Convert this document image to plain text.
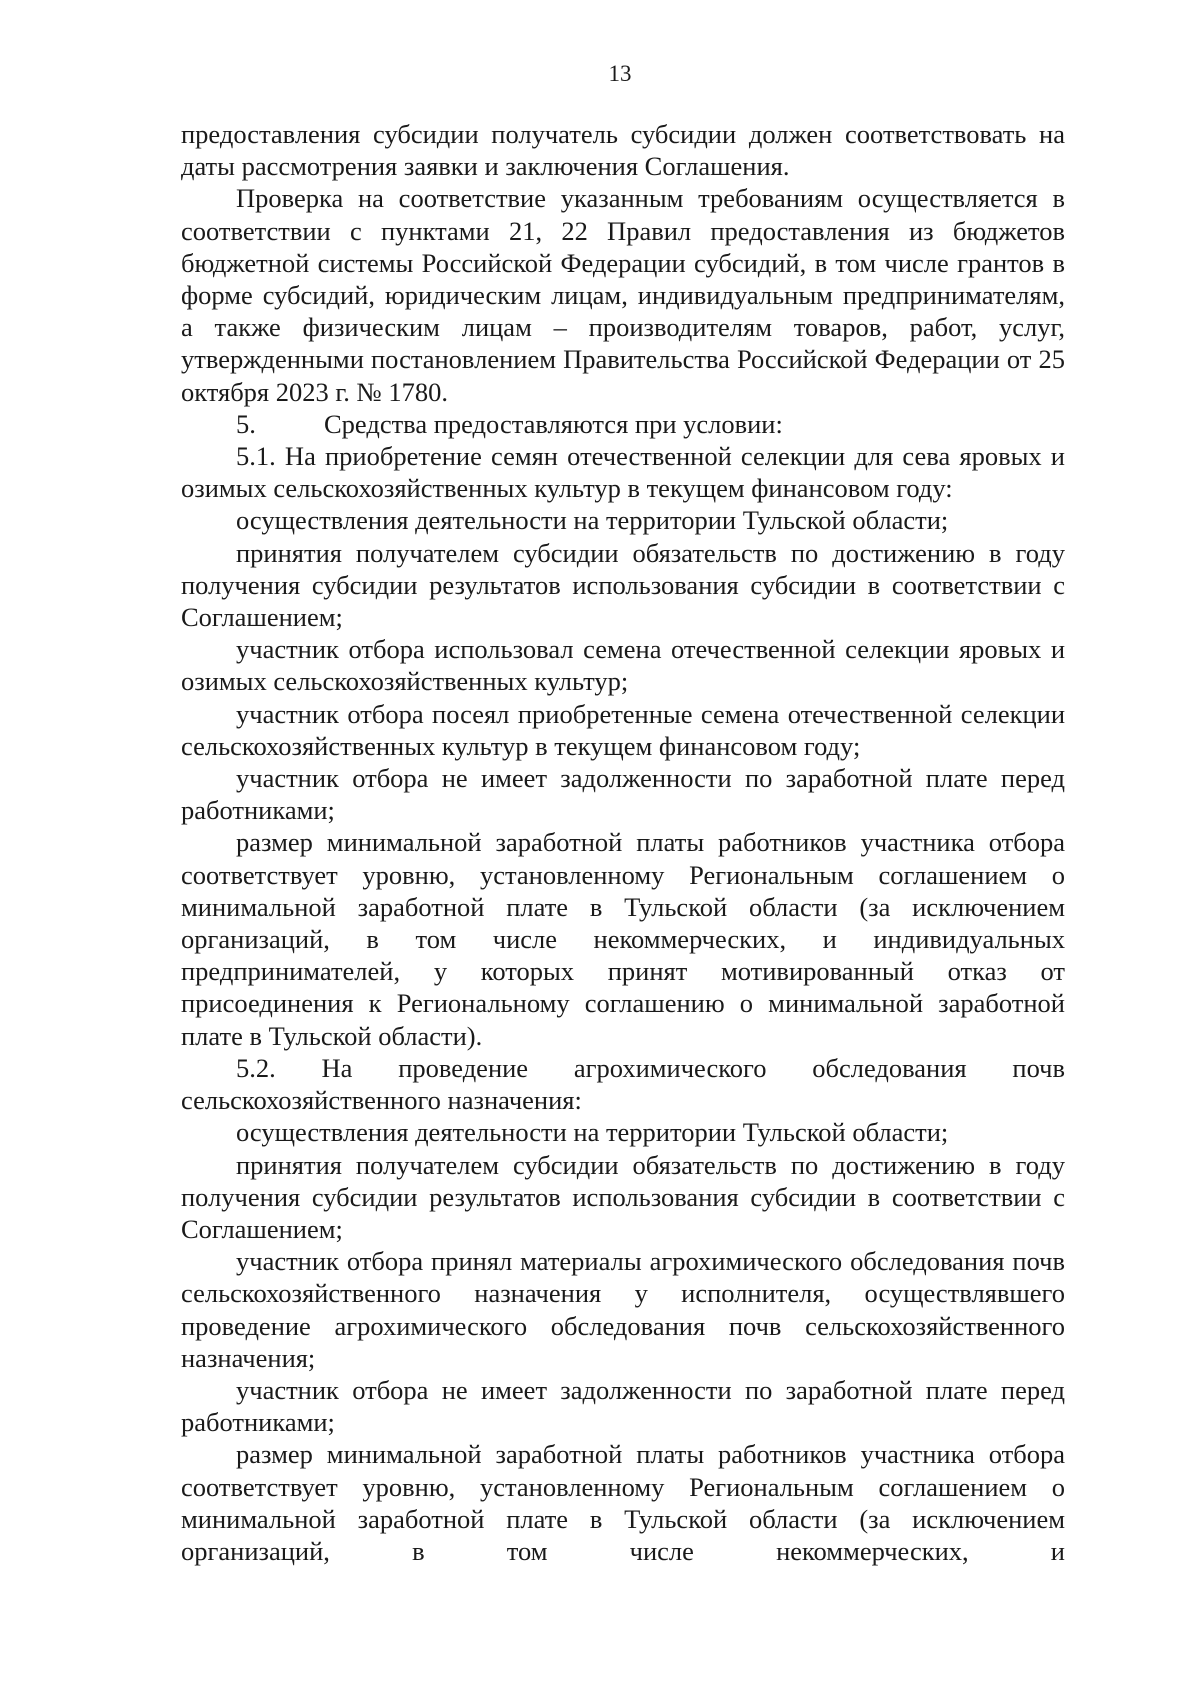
13

предоставления субсидии получатель субсидии должен соответствовать на даты рассмотрения заявки и заключения Соглашения.

Проверка на соответствие указанным требованиям осуществляется в соответствии с пунктами 21, 22 Правил предоставления из бюджетов бюджетной системы Российской Федерации субсидий, в том числе грантов в форме субсидий, юридическим лицам, индивидуальным предпринимателям, а также физическим лицам – производителям товаров, работ, услуг, утвержденными постановлением Правительства Российской Федерации от 25 октября 2023 г. № 1780.

5.	Средства предоставляются при условии:

5.1. На приобретение семян отечественной селекции для сева яровых и озимых сельскохозяйственных культур в текущем финансовом году:

осуществления деятельности на территории Тульской области;

принятия получателем субсидии обязательств по достижению в году получения субсидии результатов использования субсидии в соответствии с Соглашением;

участник отбора использовал семена отечественной селекции яровых и озимых сельскохозяйственных культур;

участник отбора посеял приобретенные семена отечественной селекции сельскохозяйственных культур в текущем финансовом году;

участник отбора не имеет задолженности по заработной плате перед работниками;

размер минимальной заработной платы работников участника отбора соответствует уровню, установленному Региональным соглашением о минимальной заработной плате в Тульской области (за исключением организаций, в том числе некоммерческих, и индивидуальных предпринимателей, у которых принят мотивированный отказ от присоединения к Региональному соглашению о минимальной заработной плате в Тульской области).

5.2. На проведение агрохимического обследования почв сельскохозяйственного назначения:

осуществления деятельности на территории Тульской области;

принятия получателем субсидии обязательств по достижению в году получения субсидии результатов использования субсидии в соответствии с Соглашением;

участник отбора принял материалы агрохимического обследования почв сельскохозяйственного назначения у исполнителя, осуществлявшего проведение агрохимического обследования почв сельскохозяйственного назначения;

участник отбора не имеет задолженности по заработной плате перед работниками;

размер минимальной заработной платы работников участника отбора соответствует уровню, установленному Региональным соглашением о минимальной заработной плате в Тульской области (за исключением организаций, в том числе некоммерческих, и
